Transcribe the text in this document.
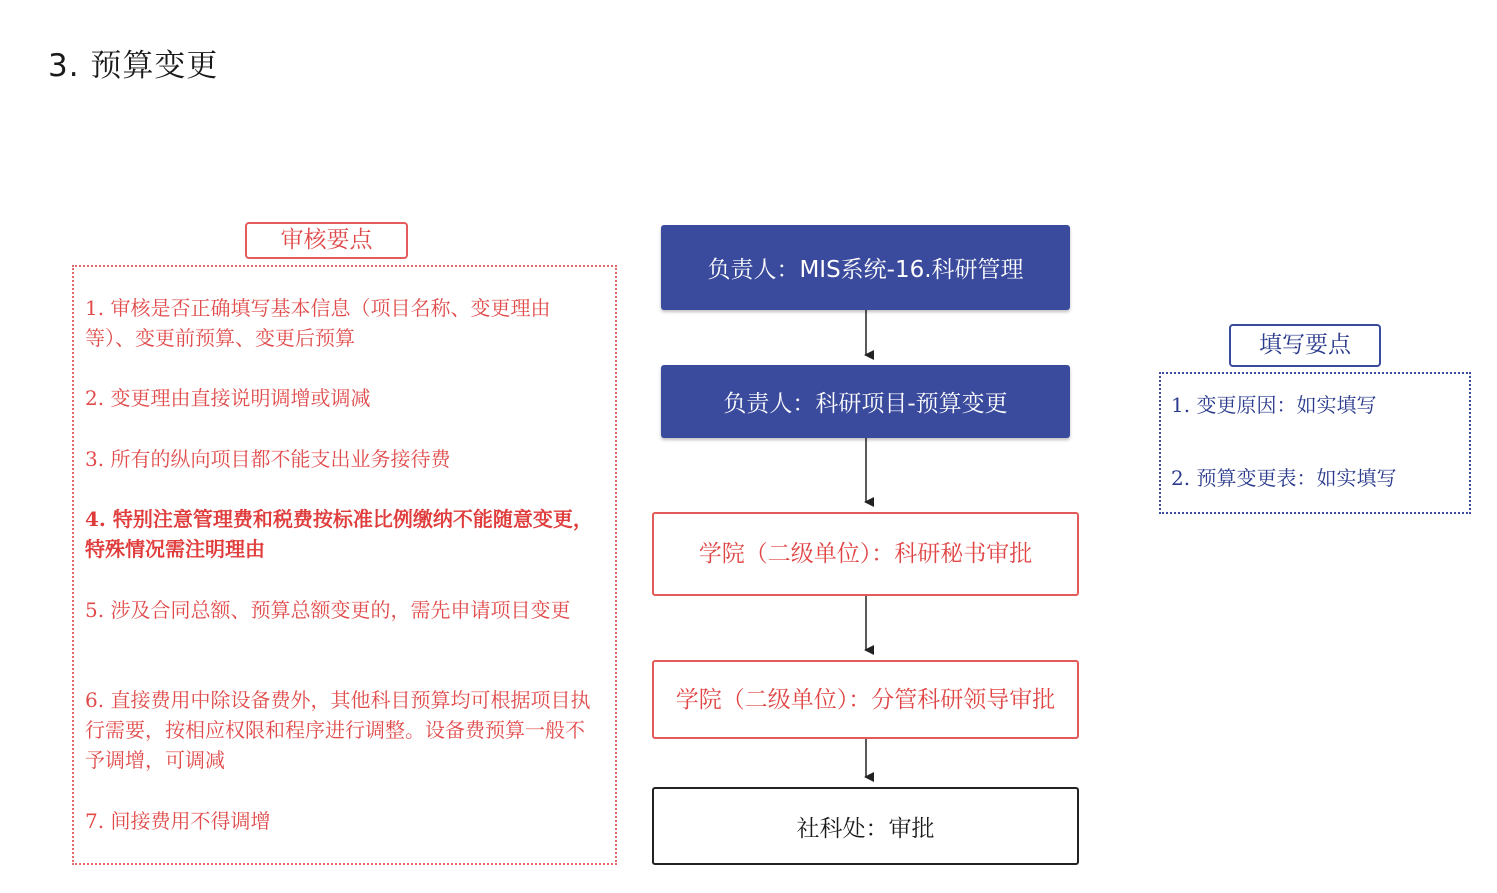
3. 预算变更
审核要点
1. 审核是否正确填写基本信息（项目名称、变更理由等）、变更前预算、变更后预算
2. 变更理由直接说明调增或调减
3. 所有的纵向项目都不能支出业务接待费
4. 特别注意管理费和税费按标准比例缴纳不能随意变更，特殊情况需注明理由
5. 涉及合同总额、预算总额变更的，需先申请项目变更
6. 直接费用中除设备费外，其他科目预算均可根据项目执行需要，按相应权限和程序进行调整。设备费预算一般不予调增，可调减
7. 间接费用不得调增
负责人：MIS系统-16.科研管理
负责人：科研项目-预算变更
学院（二级单位）：科研秘书审批
学院（二级单位）：分管科研领导审批
社科处：审批
填写要点
1. 变更原因：如实填写
2. 预算变更表：如实填写
